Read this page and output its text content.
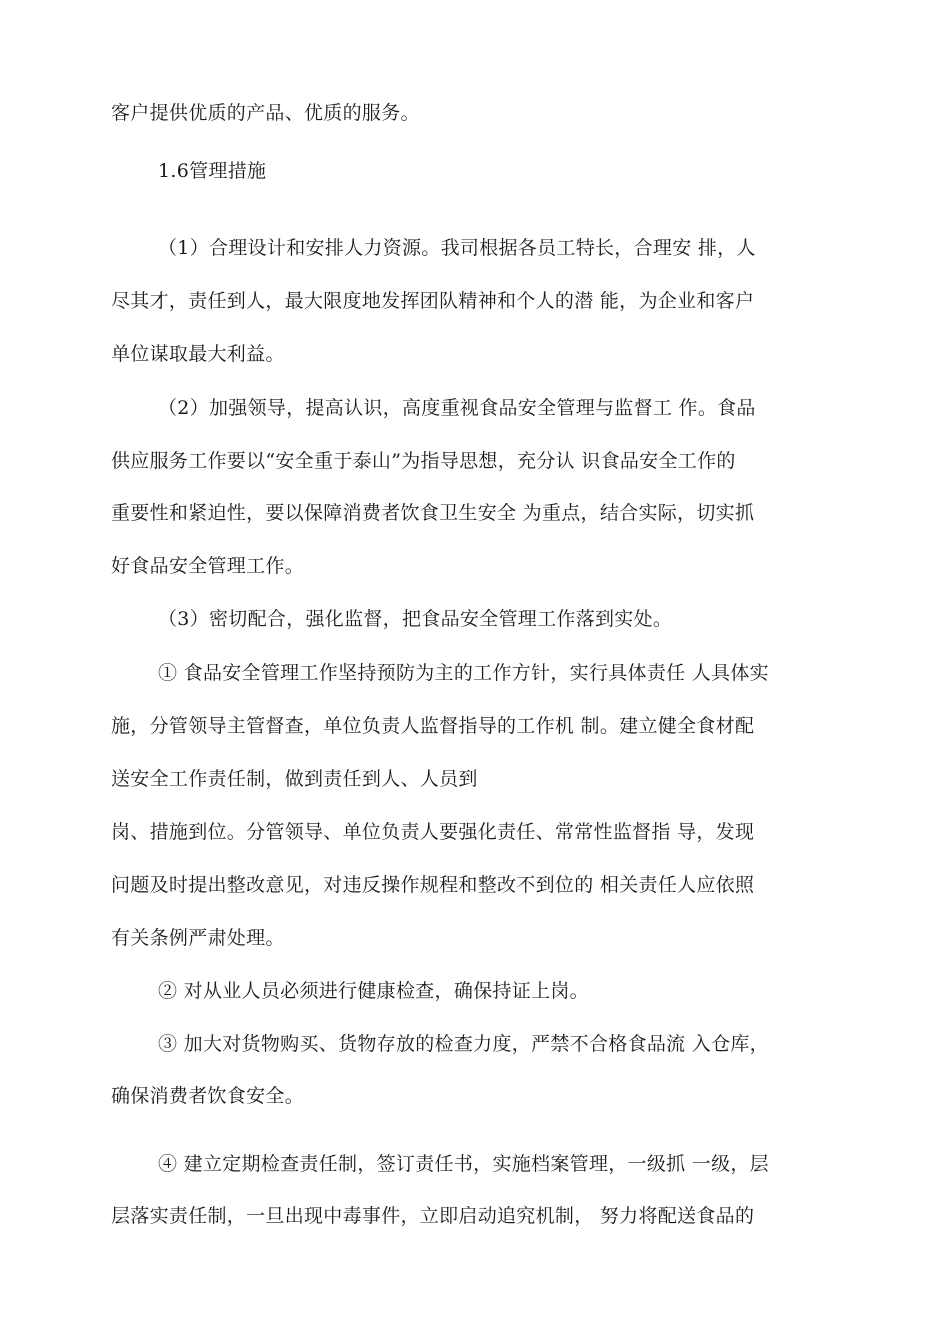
客户提供优质的产品、优质的服务。
1.6管理措施
（1）合理设计和安排人力资源。我司根据各员工特长，合理安 排，人
尽其才，责任到人，最大限度地发挥团队精神和个人的潜 能，为企业和客户
单位谋取最大利益。
（2）加强领导，提高认识，高度重视食品安全管理与监督工 作。食品
供应服务工作要以“安全重于泰山”为指导思想，充分认 识食品安全工作的
重要性和紧迫性，要以保障消费者饮食卫生安全 为重点，结合实际，切实抓
好食品安全管理工作。
（3）密切配合，强化监督，把食品安全管理工作落到实处。
① 食品安全管理工作坚持预防为主的工作方针，实行具体责任 人具体实
施，分管领导主管督查，单位负责人监督指导的工作机 制。建立健全食材配
送安全工作责任制，做到责任到人、人员到
岗、措施到位。分管领导、单位负责人要强化责任、常常性监督指 导，发现
问题及时提出整改意见，对违反操作规程和整改不到位的 相关责任人应依照
有关条例严肃处理。
② 对从业人员必须进行健康检查，确保持证上岗。
③ 加大对货物购买、货物存放的检查力度，严禁不合格食品流 入仓库，
确保消费者饮食安全。
④ 建立定期检查责任制，签订责任书，实施档案管理，一级抓 一级，层
层落实责任制，一旦出现中毒事件，立即启动追究机制， 努力将配送食品的
